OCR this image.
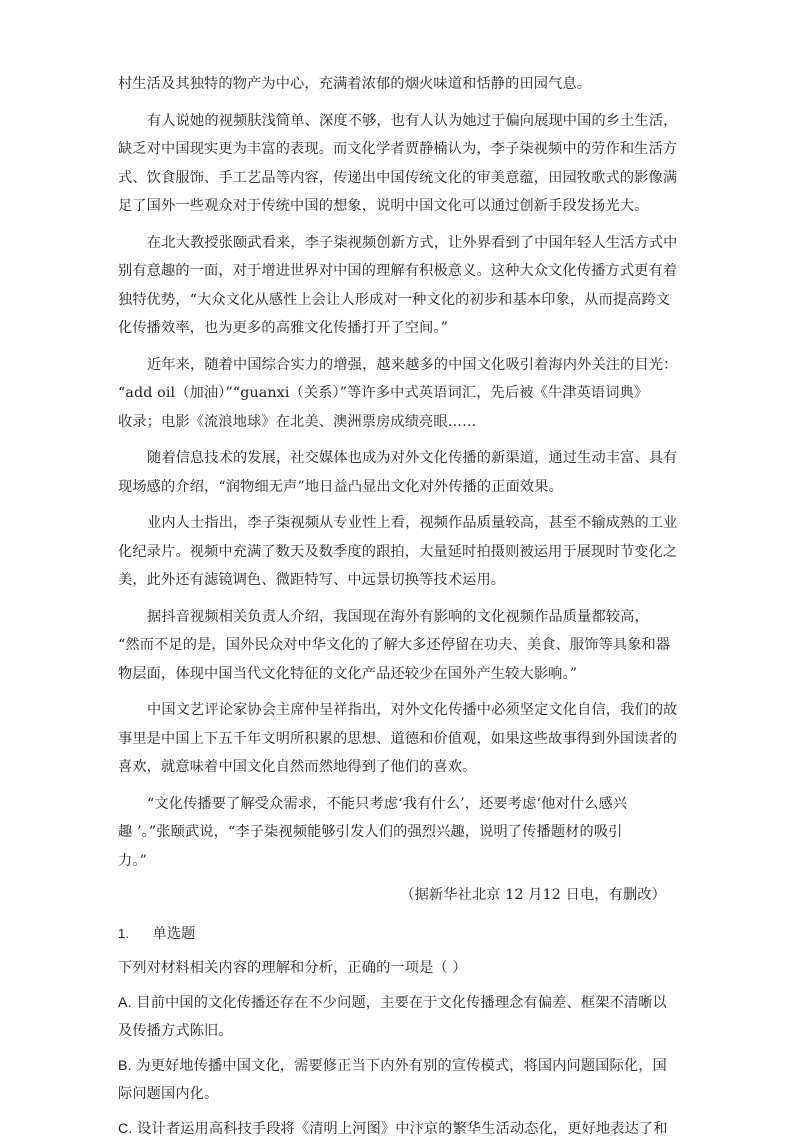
村生活及其独特的物产为中心，充满着浓郁的烟火味道和恬静的田园气息。
有人说她的视频肤浅简单、深度不够，也有人认为她过于偏向展现中国的乡土生活，
缺乏对中国现实更为丰富的表现。而文化学者贾静楠认为，李子柒视频中的劳作和生活方
式、饮食服饰、手工艺品等内容，传递出中国传统文化的审美意蕴，田园牧歌式的影像满
足了国外一些观众对于传统中国的想象，说明中国文化可以通过创新手段发扬光大。
在北大教授张颐武看来，李子柒视频创新方式，让外界看到了中国年轻人生活方式中
别有意趣的一面，对于增进世界对中国的理解有积极意义。这种大众文化传播方式更有着
独特优势，“大众文化从感性上会让人形成对一种文化的初步和基本印象，从而提高跨文
化传播效率，也为更多的高雅文化传播打开了空间。”
近年来，随着中国综合实力的增强，越来越多的中国文化吸引着海内外关注的目光：
“add oil（加油）”“guanxi（关系）”等许多中式英语词汇，先后被《牛津英语词典》
收录；电影《流浪地球》在北美、澳洲票房成绩亮眼……
随着信息技术的发展，社交媒体也成为对外文化传播的新渠道，通过生动丰富、具有
现场感的介绍，“润物细无声”地日益凸显出文化对外传播的正面效果。
业内人士指出，李子柒视频从专业性上看，视频作品质量较高，甚至不输成熟的工业
化纪录片。视频中充满了数天及数季度的跟拍，大量延时拍摄则被运用于展现时节变化之
美，此外还有滤镜调色、微距特写、中远景切换等技术运用。
据抖音视频相关负责人介绍，我国现在海外有影响的文化视频作品质量都较高，
“然而不足的是，国外民众对中华文化的了解大多还停留在功夫、美食、服饰等具象和器
物层面，体现中国当代文化特征的文化产品还较少在国外产生较大影响。”
中国文艺评论家协会主席仲呈祥指出，对外文化传播中必须坚定文化自信，我们的故
事里是中国上下五千年文明所积累的思想、道德和价值观，如果这些故事得到外国读者的
喜欢，就意味着中国文化自然而然地得到了他们的喜欢。
“文化传播要了解受众需求，不能只考虑‘我有什么’，还要考虑‘他对什么感兴
趣 ’。”张颐武说，“李子柒视频能够引发人们的强烈兴趣，说明了传播题材的吸引
力。”
（据新华社北京 12 月12 日电，有删改）
1. 单选题
下列对材料相关内容的理解和分析，正确的一项是（ ）
A. 目前中国的文化传播还存在不少问题，主要在于文化传播理念有偏差、框架不清晰以
及传播方式陈旧。
B. 为更好地传播中国文化，需要修正当下内外有别的宣传模式，将国内问题国际化，国
际问题国内化。
C. 设计者运用高科技手段将《清明上河图》中汴京的繁华生活动态化，更好地表达了和
